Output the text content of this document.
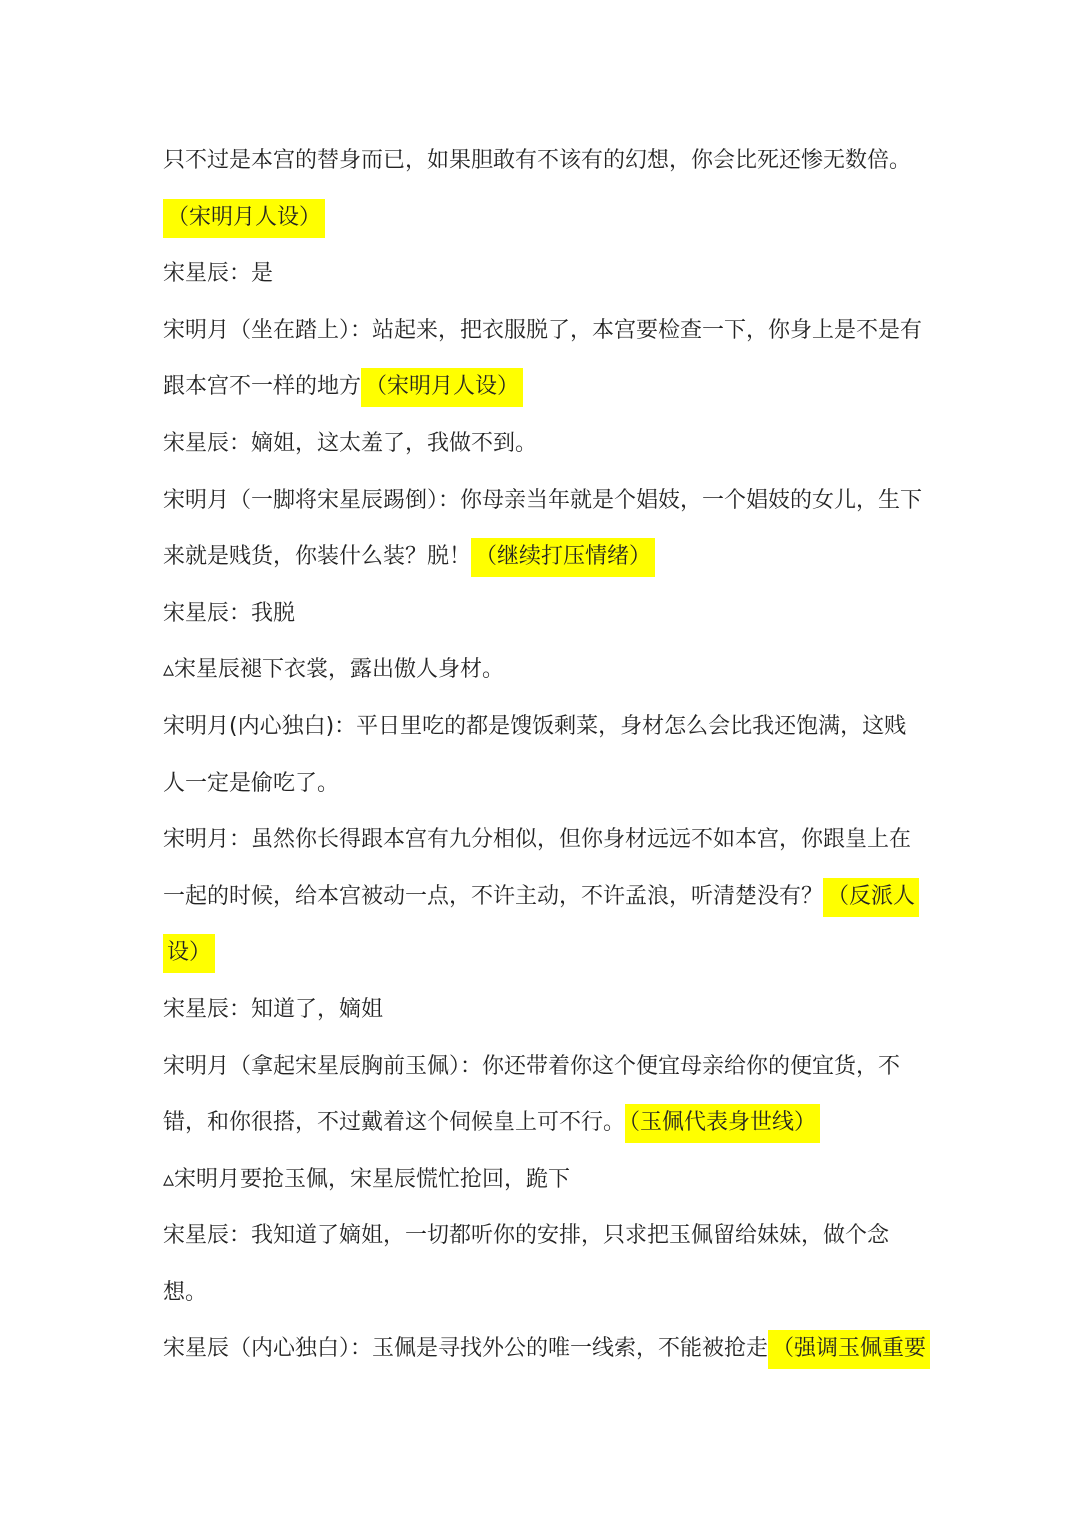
只不过是本宫的替身而已，如果胆敢有不该有的幻想，你会比死还惨无数倍。
（宋明月人设）
宋星辰：是
宋明月（坐在踏上）：站起来，把衣服脱了，本宫要检查一下，你身上是不是有
跟本宫不一样的地方 （宋明月人设）
宋星辰：嫡姐，这太羞了，我做不到。
宋明月（一脚将宋星辰踢倒）：你母亲当年就是个娼妓，一个娼妓的女儿，生下
来就是贱货，你装什么装？脱！ （继续打压情绪）
宋星辰：我脱
▵宋星辰褪下衣裳，露出傲人身材。
宋明月(内心独白)：平日里吃的都是馊饭剩菜，身材怎么会比我还饱满，这贱
人一定是偷吃了。
宋明月：虽然你长得跟本宫有九分相似，但你身材远远不如本宫，你跟皇上在
一起的时候，给本宫被动一点，不许主动，不许孟浪，听清楚没有？ （反派人
设）
宋星辰：知道了，嫡姐
宋明月（拿起宋星辰胸前玉佩）：你还带着你这个便宜母亲给你的便宜货，不
错，和你很搭，不过戴着这个伺候皇上可不行。 （玉佩代表身世线）
▵宋明月要抢玉佩，宋星辰慌忙抢回，跪下
宋星辰：我知道了嫡姐，一切都听你的安排，只求把玉佩留给妹妹，做个念
想。
宋星辰（内心独白）：玉佩是寻找外公的唯一线索，不能被抢走 （强调玉佩重要
